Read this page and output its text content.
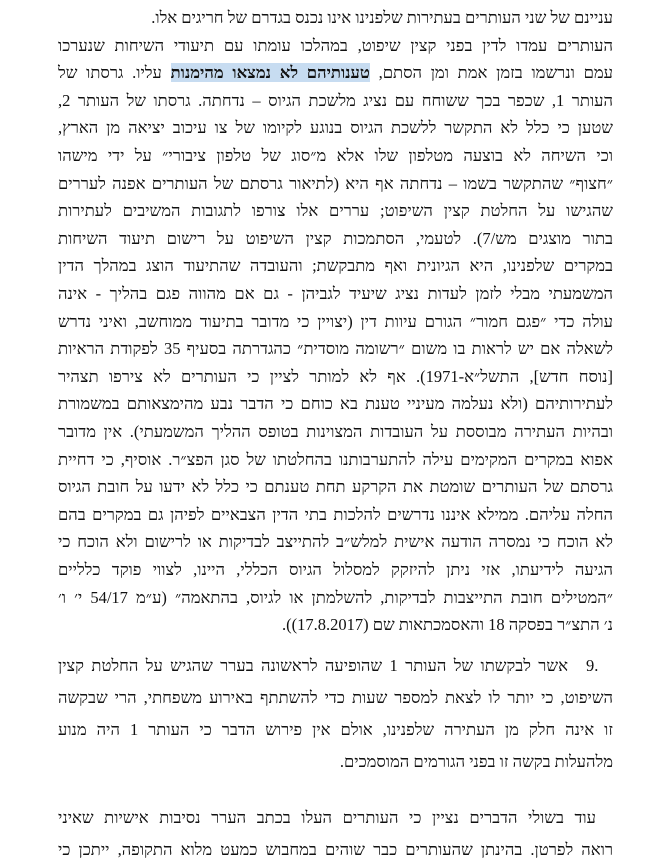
עניינם של שני העותרים בעתירות שלפנינו אינו נכנס בגדרם של חריגים אלו.
העותרים עמדו לדין בפני קצין שיפוט, במהלכו עומתו עם תיעודי השיחות שנערכו
עמם ונרשמו בזמן אמת ומן הסתם, טענותיהם לא נמצאו מהימנות עליו. גרסתו של
העותר 1, שכפר בכך ששוחח עם נציג מלשכת הגיוס – נדחתה. גרסתו של העותר 2,
שטען כי כלל לא התקשר ללשכת הגיוס בנוגע לקיומו של צו עיכוב יציאה מן הארץ,
וכי השיחה לא בוצעה מטלפון שלו אלא מ״סוג של טלפון ציבורי״ על ידי מישהו
״חצוף״ שהתקשר בשמו – נדחתה אף היא (לתיאור גרסתם של העותרים אפנה לעררים
שהגישו על החלטת קצין השיפוט; עררים אלו צורפו לתגובות המשיבים לעתירות
בתור מוצגים מש/7). לטעמי, הסתמכות קצין השיפוט על רישום תיעוד השיחות
במקרים שלפנינו, היא הגיונית ואף מתבקשת; והעובדה שהתיעוד הוצג במהלך הדין
המשמעתי מבלי לזמן לעדות נציג שיעיד לגביהן - גם אם מהווה פגם בהליך - אינה
עולה כדי ״פגם חמור״ הגורם עיוות דין (יצויין כי מדובר בתיעוד ממוחשב, ואיני נדרש
לשאלה אם יש לראות בו משום ״רשומה מוסדית״ כהגדרתה בסעיף 35 לפקודת הראיות
[נוסח חדש], התשל״א-1971). אף לא למותר לציין כי העותרים לא צירפו תצהיר
לעתירותיהם (ולא נעלמה מעיניי טענת בא כוחם כי הדבר נבע מהימצאותם במשמורת
ובהיות העתירה מבוססת על העובדות המצוינות בטופס ההליך המשמעתי). אין מדובר
אפוא במקרים המקימים עילה להתערבותנו בהחלטתו של סגן הפצ״ר. אוסיף, כי דחיית
גרסתם של העותרים שומטת את הקרקע תחת טענתם כי כלל לא ידעו על חובת הגיוס
החלה עליהם. ממילא איננו נדרשים להלכות בתי הדין הצבאיים לפיהן גם במקרים בהם
לא הוכח כי נמסרה הודעה אישית למלש״ב להתייצב לבדיקות או לרישום ולא הוכח כי
הגיעה לידיעתו, אזי ניתן להיזקק למסלול הגיוס הכללי, היינו, לצווי פוקד כלליים
״המטילים חובת התייצבות לבדיקות, להשלמתן או לגיוס, בהתאמה״ (ע״מ 54/17 י׳ ו׳
נ׳ התצ״ר בפסקה 18 והאסמכתאות שם (17.8.2017)).
9.
אשר לבקשתו של העותר 1 שהופיעה לראשונה בערר שהגיש על החלטת קצין
השיפוט, כי יותר לו לצאת למספר שעות כדי להשתתף באירוע משפחתי, הרי שבקשה
זו אינה חלק מן העתירה שלפנינו, אולם אין פירוש הדבר כי העותר 1 היה מנוע
מלהעלות בקשה זו בפני הגורמים המוסמכים.
עוד בשולי הדברים נציין כי העותרים העלו בכתב הערר נסיבות אישיות שאיני
רואה לפרטן. בהינתן שהעותרים כבר שוהים במחבוש כמעט מלוא התקופה, ייתכן כי
